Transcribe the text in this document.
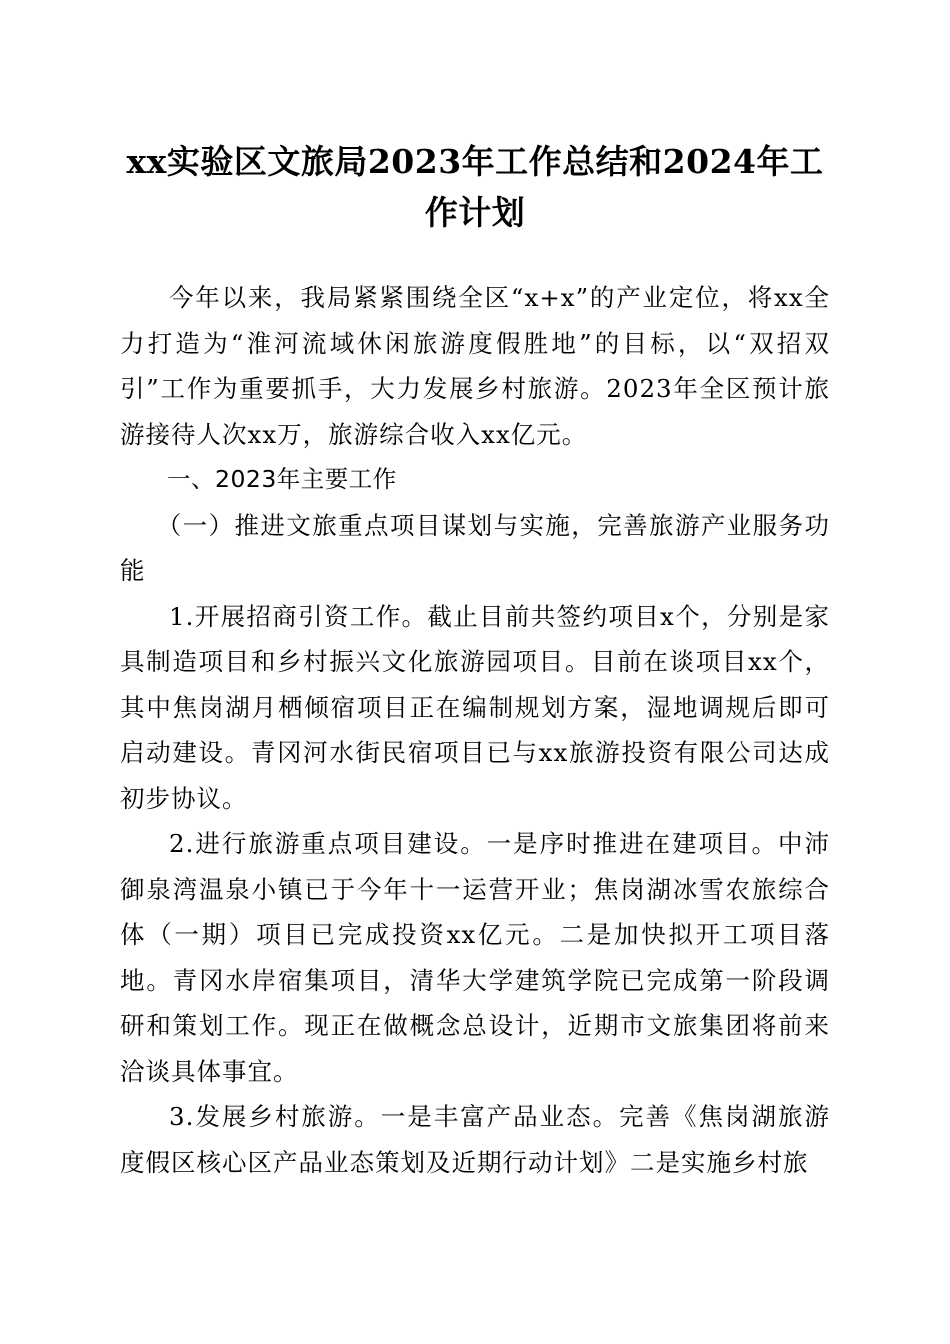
xx实验区文旅局2023年工作总结和2024年工
作计划

今年以来，我局紧紧围绕全区“x+x”的产业定位，将xx全力打造为“淮河流域休闲旅游度假胜地”的目标，以“双招双引”工作为重要抓手，大力发展乡村旅游。2023年全区预计旅游接待人次xx万，旅游综合收入xx亿元。

一、2023年主要工作

（一）推进文旅重点项目谋划与实施，完善旅游产业服务功能

1.开展招商引资工作。截止目前共签约项目x个，分别是家具制造项目和乡村振兴文化旅游园项目。目前在谈项目xx个，其中焦岗湖月栖倾宿项目正在编制规划方案，湿地调规后即可启动建设。青冈河水街民宿项目已与xx旅游投资有限公司达成初步协议。

2.进行旅游重点项目建设。一是序时推进在建项目。中沛御泉湾温泉小镇已于今年十一运营开业；焦岗湖冰雪农旅综合体（一期）项目已完成投资xx亿元。二是加快拟开工项目落地。青冈水岸宿集项目，清华大学建筑学院已完成第一阶段调研和策划工作。现正在做概念总设计，近期市文旅集团将前来洽谈具体事宜。

3.发展乡村旅游。一是丰富产品业态。完善《焦岗湖旅游度假区核心区产品业态策划及近期行动计划》二是实施乡村旅
